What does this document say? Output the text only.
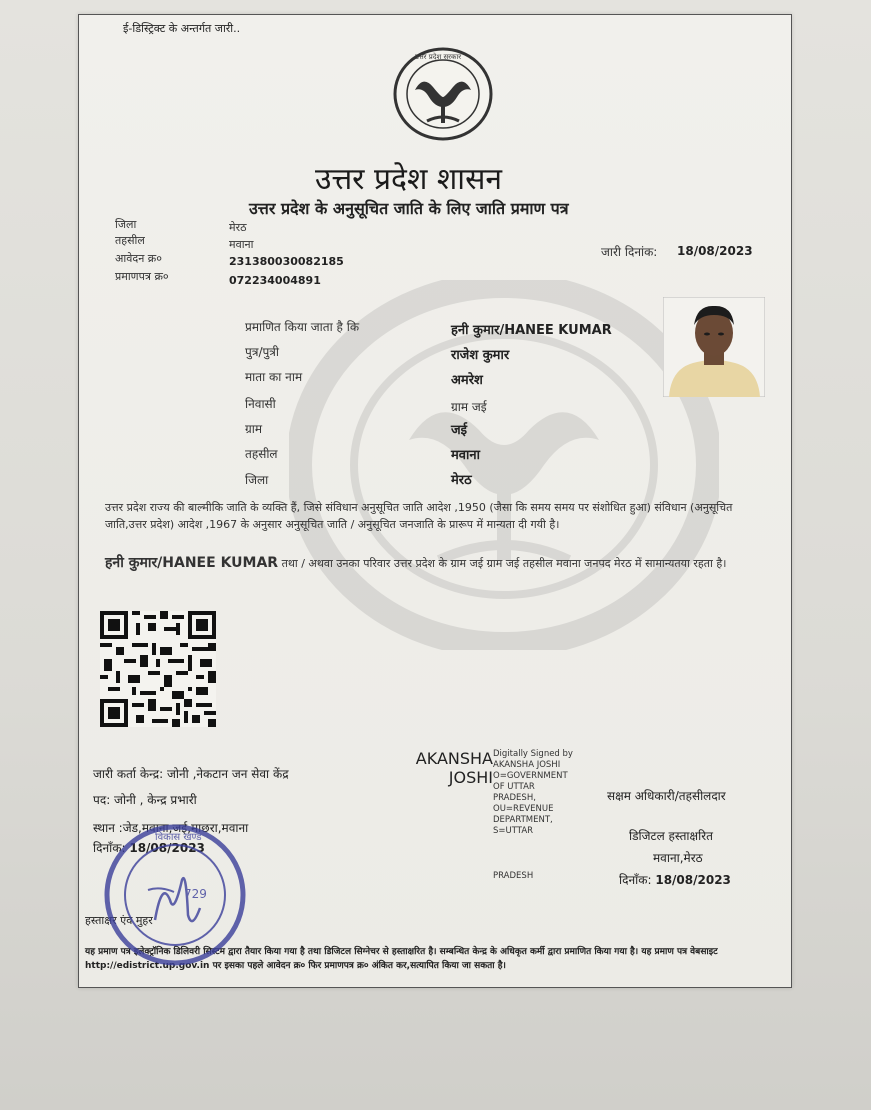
ई-डिस्ट्रिक्ट के अन्तर्गत जारी..
उत्तर प्रदेश सरकार
उत्तर प्रदेश शासन
उत्तर प्रदेश के अनुसूचित जाति के लिए जाति प्रमाण पत्र
जिला	मेरठ
तहसील	मवाना
आवेदन क्र०	231380030082185
प्रमाणपत्र क्र०	072234004891
जारी दिनांक: 18/08/2023
प्रमाणित किया जाता है कि	हनी कुमार/HANEE KUMAR
पुत्र/पुत्री	राजेश कुमार
माता का नाम	अमरेश
निवासी	ग्राम जई
ग्राम	जई
तहसील	मवाना
जिला	मेरठ
उत्तर प्रदेश राज्य की बाल्मीकि जाति के व्यक्ति हैं, जिसे संविधान अनुसूचित जाति आदेश ,1950 (जैसा कि समय समय पर संशोधित हुआ) संविधान (अनुसूचित जाति,उत्तर प्रदेश) आदेश ,1967 के अनुसार अनुसूचित जाति / अनुसूचित जनजाति के प्रारूप में मान्यता दी गयी है।
हनी कुमार/HANEE KUMAR तथा / अथवा उनका परिवार उत्तर प्रदेश के ग्राम जई ग्राम जई तहसील मवाना जनपद मेरठ में सामान्यतया रहता है।
जारी कर्ता केन्द्र: जोनी ,नेकटान जन सेवा केंद्र
पद: जोनी , केन्द्र प्रभारी
स्थान :जेड,मवाना,जई,माछरा,मवाना
दिनाँक: 18/08/2023
AKANSHA
JOSHI
Digitally Signed by
AKANSHA JOSHI
O=GOVERNMENT
OF UTTAR
PRADESH,
OU=REVENUE
DEPARTMENT,
S=UTTAR
PRADESH
सक्षम अधिकारी/तहसीलदार
डिजिटल हस्ताक्षरित
मवाना,मेरठ
दिनाँक: 18/08/2023
हस्ताक्षर एंव मुहर
यह प्रमाण पत्र इलेक्ट्रॉनिक डिलिवरी सिस्टम द्वारा तैयार किया गया है तथा डिजिटल सिग्नेचर से हस्ताक्षरित है। सम्बन्धित केन्द्र के अधिकृत कर्मी द्वारा प्रमाणित किया गया है। यह प्रमाण पत्र वेबसाइट http://edistrict.up.gov.in पर इसका पहले आवेदन क्र० फिर प्रमाणपत्र क्र० अंकित कर,सत्यापित किया जा सकता है।
विकास खण्ड
729
